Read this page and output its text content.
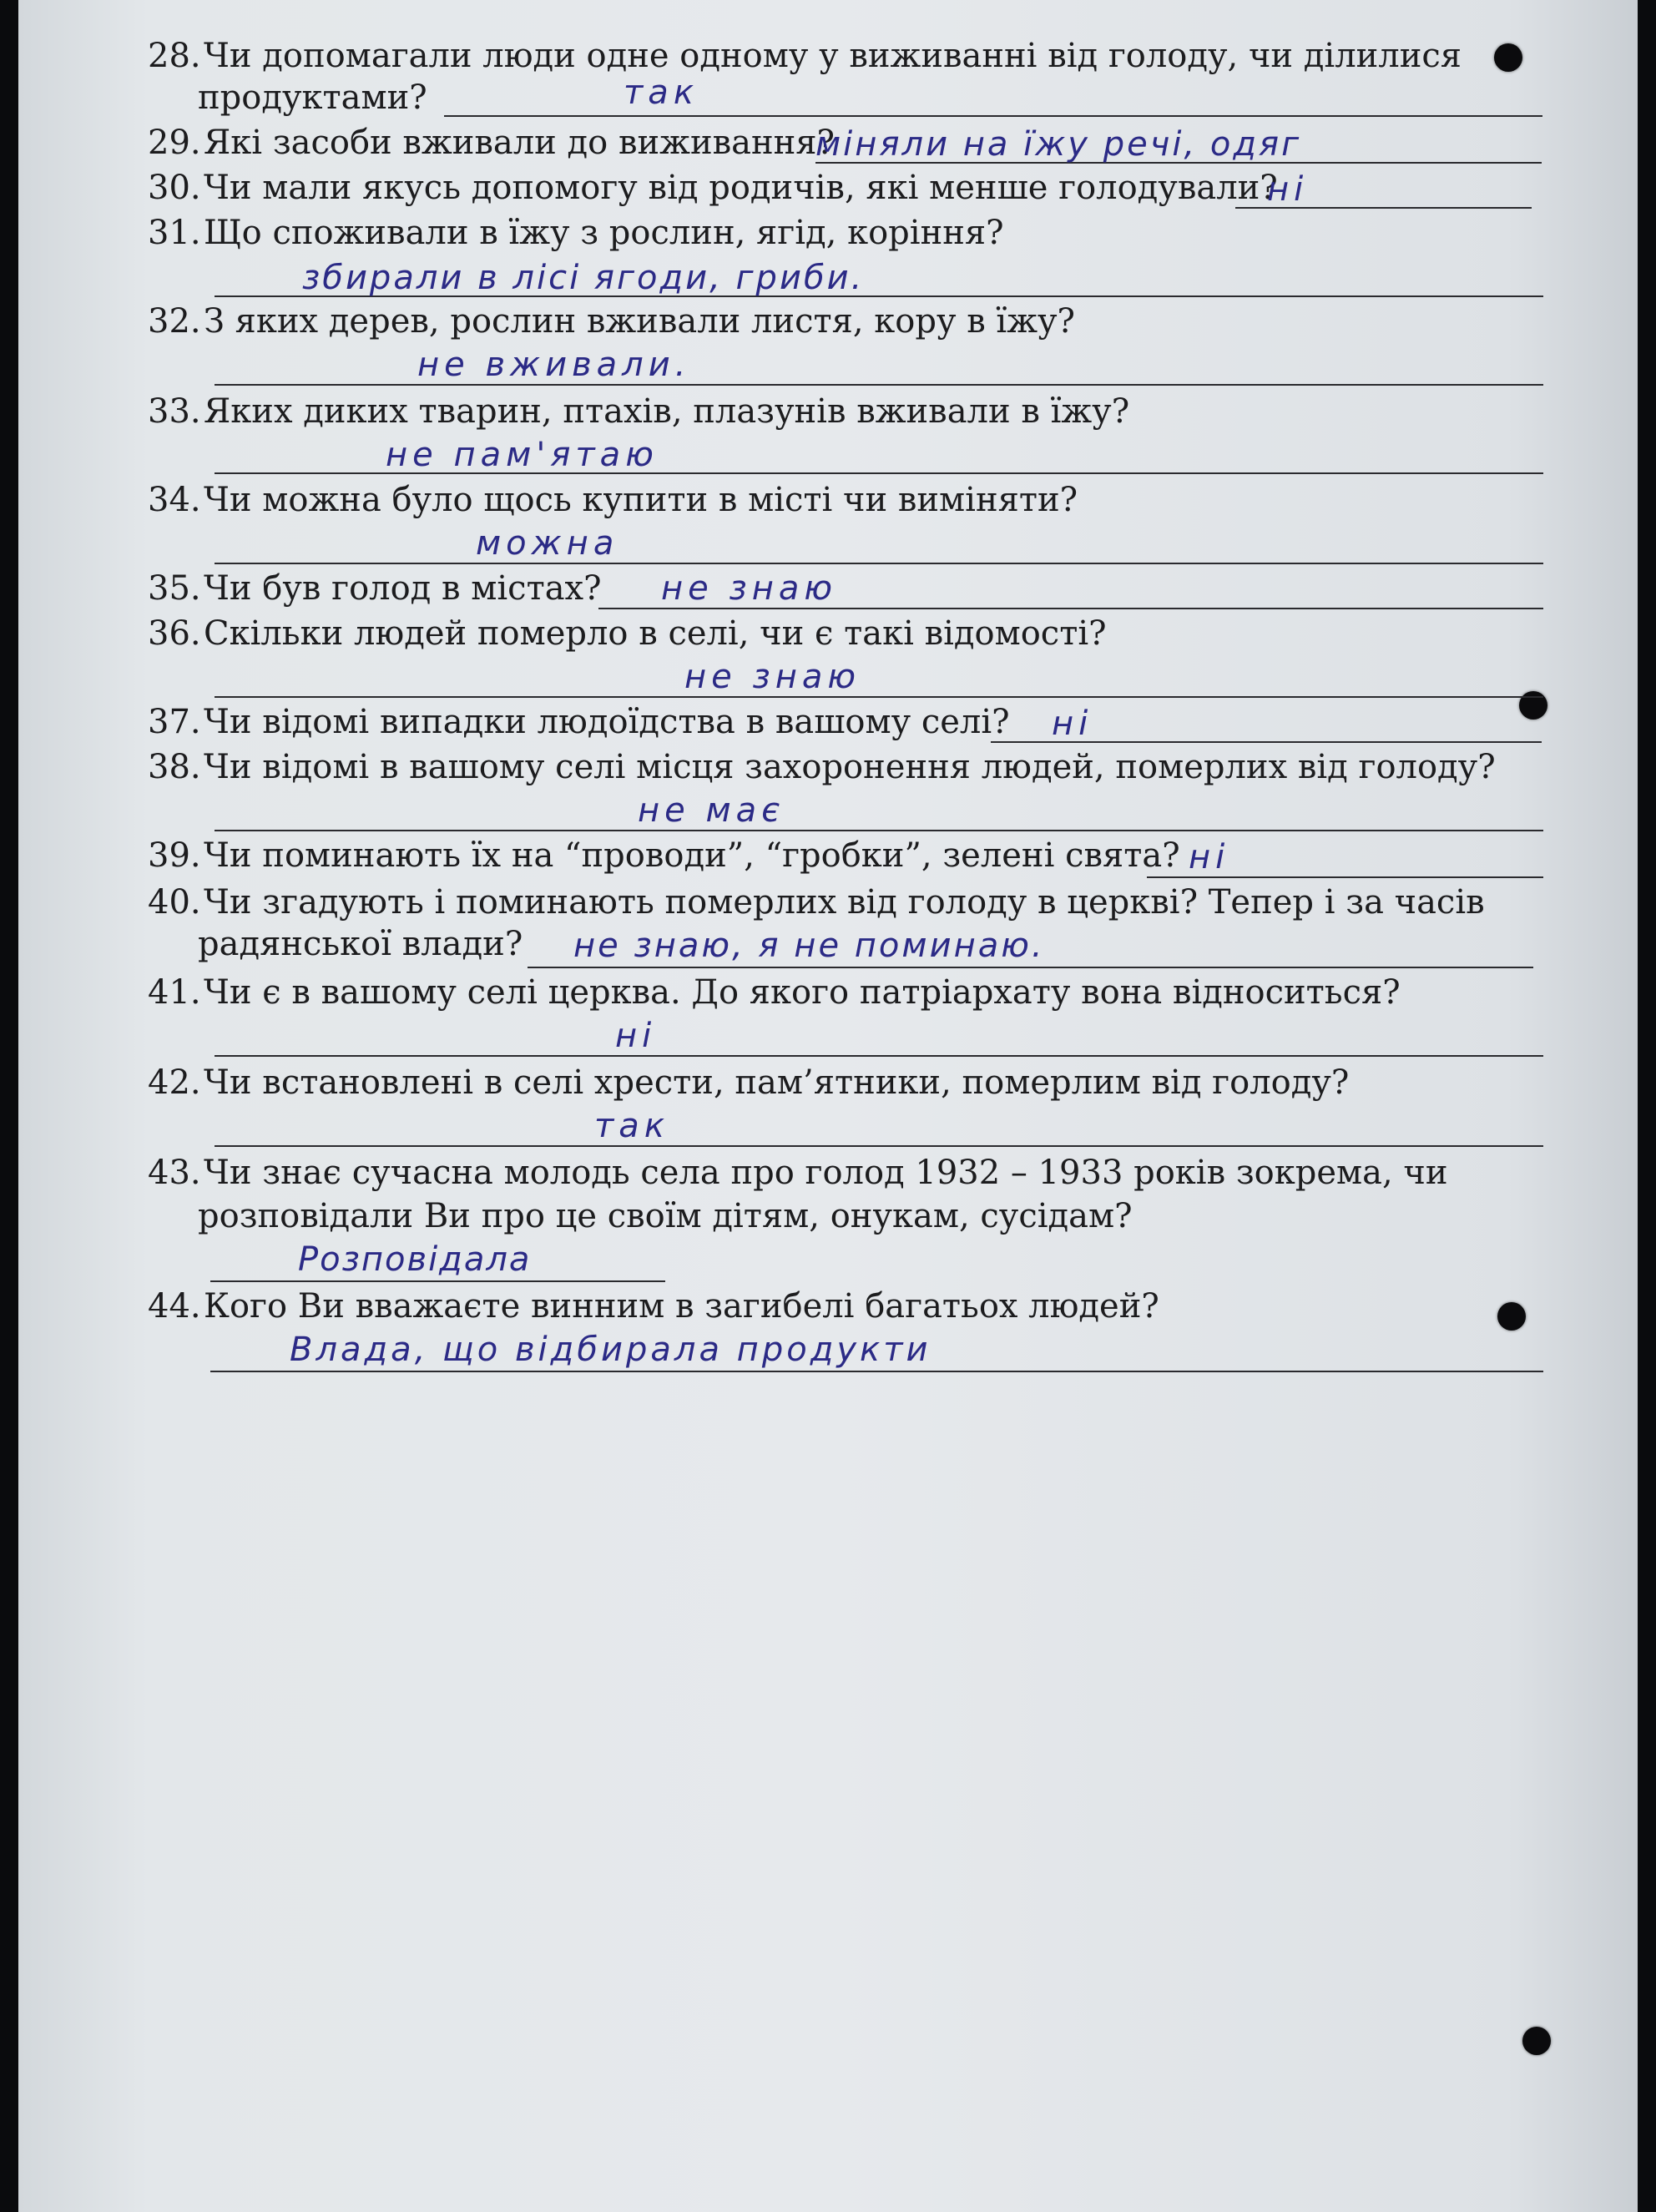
28. Чи допомагали люди одне одному у виживанні від голоду, чи ділилися
продуктами?	так
29. Які засоби вживали до виживання?
міняли на їжу речі, одяг
30. Чи мали якусь допомогу від родичів, які менше голодували?
ні
31. Що споживали в їжу з рослин, ягід, коріння?
збирали в лісі ягоди, гриби.
32. З яких дерев, рослин вживали листя, кору в їжу?
не вживали.
33. Яких диких тварин, птахів, плазунів вживали в їжу?
не пам'ятаю
34. Чи можна було щось купити в місті чи виміняти?
можна
35. Чи був голод в містах? не знаю
36. Скільки людей померло в селі, чи є такі відомості?
не знаю
37. Чи відомі випадки людоїдства в вашому селі? ні
38. Чи відомі в вашому селі місця захоронення людей, померлих від голоду?
не має
39. Чи поминають їх на “проводи”, “гробки”, зелені свята? ні
40. Чи згадують і поминають померлих від голоду в церкві? Тепер і за часів
радянської влади? не знаю, я не поминаю.
41. Чи є в вашому селі церква. До якого патріархату вона відноситься?
ні
42. Чи встановлені в селі хрести, пам’ятники, померлим від голоду?
так
43. Чи знає сучасна молодь села про голод 1932 – 1933 років зокрема, чи
розповідали Ви про це своїм дітям, онукам, сусідам?
Розповідала
44. Кого Ви вважаєте винним в загибелі багатьох людей?
Влада, що відбирала продукти
